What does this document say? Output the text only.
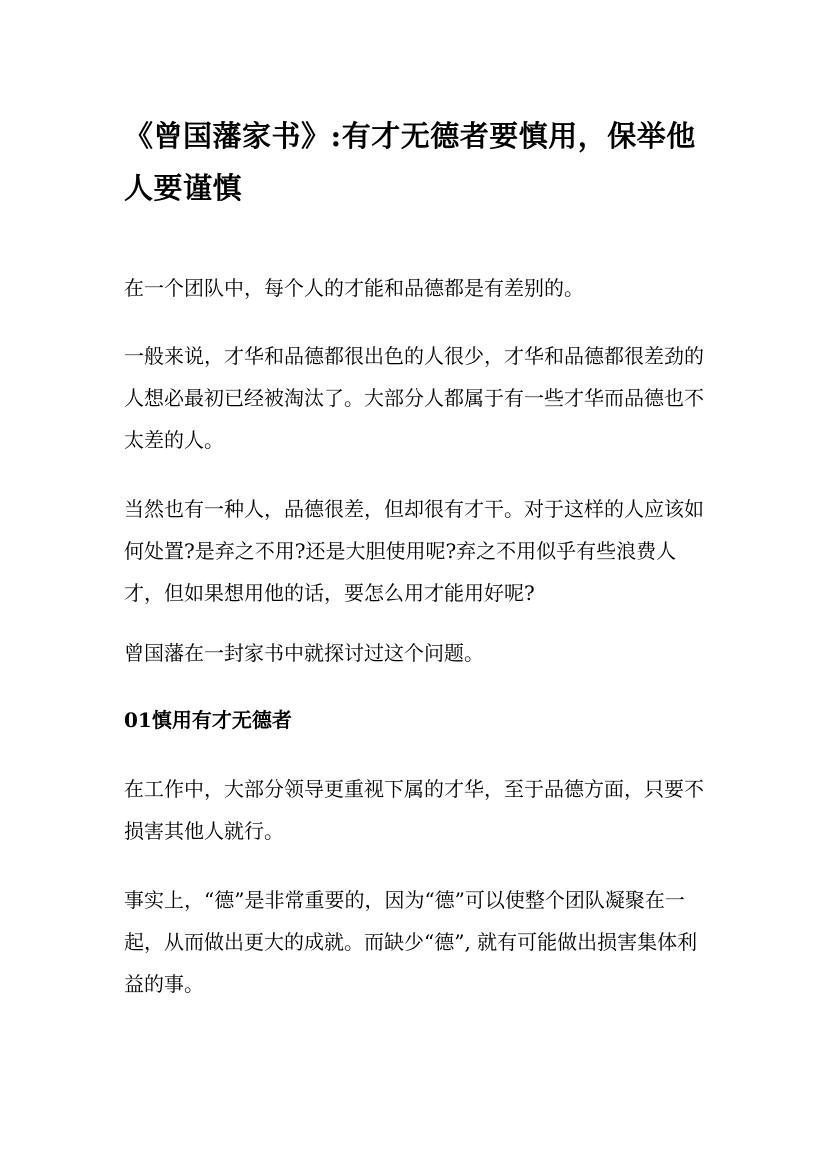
《曾国藩家书》:有才无德者要慎用，保举他人要谨慎

在一个团队中，每个人的才能和品德都是有差别的。

一般来说，才华和品德都很出色的人很少，才华和品德都很差劲的人想必最初已经被淘汰了。大部分人都属于有一些才华而品德也不太差的人。

当然也有一种人，品德很差，但却很有才干。对于这样的人应该如何处置?是弃之不用?还是大胆使用呢?弃之不用似乎有些浪费人才，但如果想用他的话，要怎么用才能用好呢?

曾国藩在一封家书中就探讨过这个问题。

01慎用有才无德者

在工作中，大部分领导更重视下属的才华，至于品德方面，只要不损害其他人就行。

事实上，“德”是非常重要的，因为“德”可以使整个团队凝聚在一起，从而做出更大的成就。而缺少“德”, 就有可能做出损害集体利益的事。
